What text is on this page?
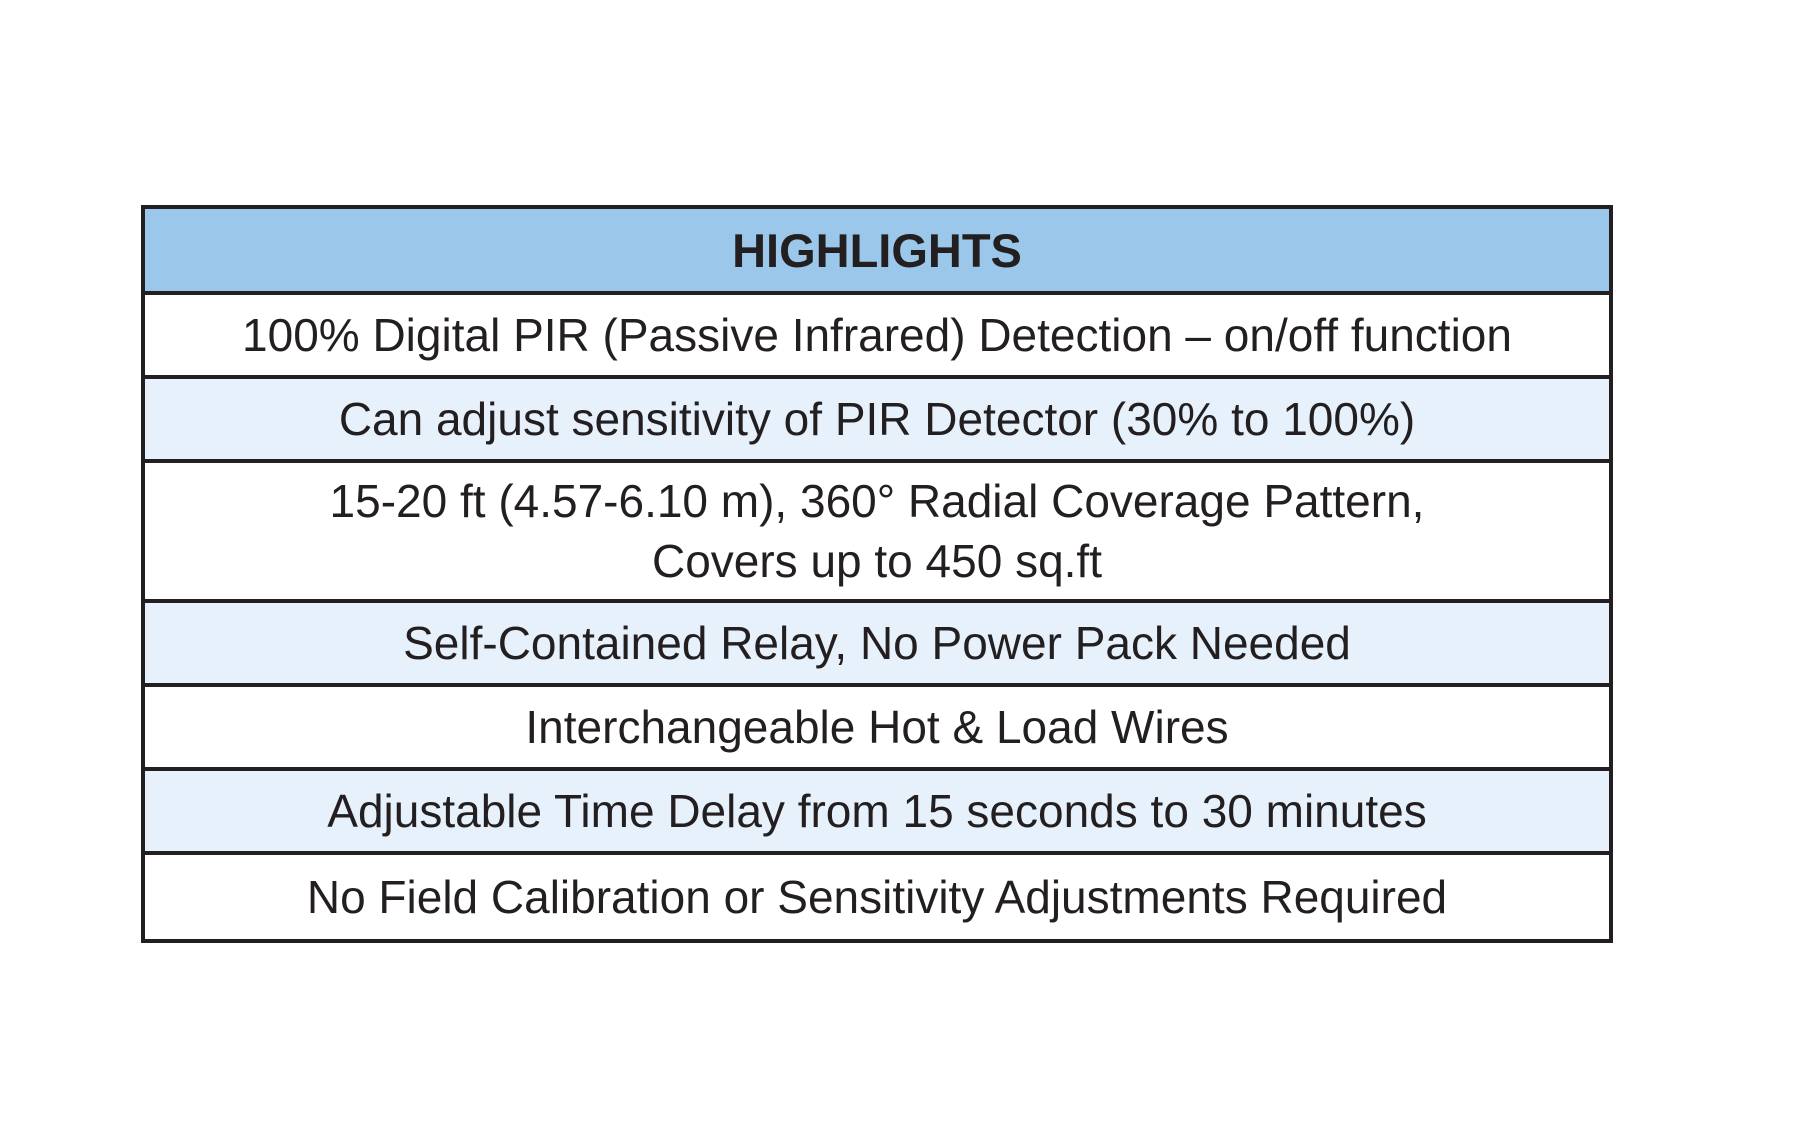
HIGHLIGHTS
100% Digital PIR (Passive Infrared) Detection – on/off function
Can adjust sensitivity of PIR Detector (30% to 100%)
15-20 ft (4.57-6.10 m), 360° Radial Coverage Pattern,
Covers up to 450 sq.ft
Self-Contained Relay, No Power Pack Needed
Interchangeable Hot & Load Wires
Adjustable Time Delay from 15 seconds to 30 minutes
No Field Calibration or Sensitivity Adjustments Required
